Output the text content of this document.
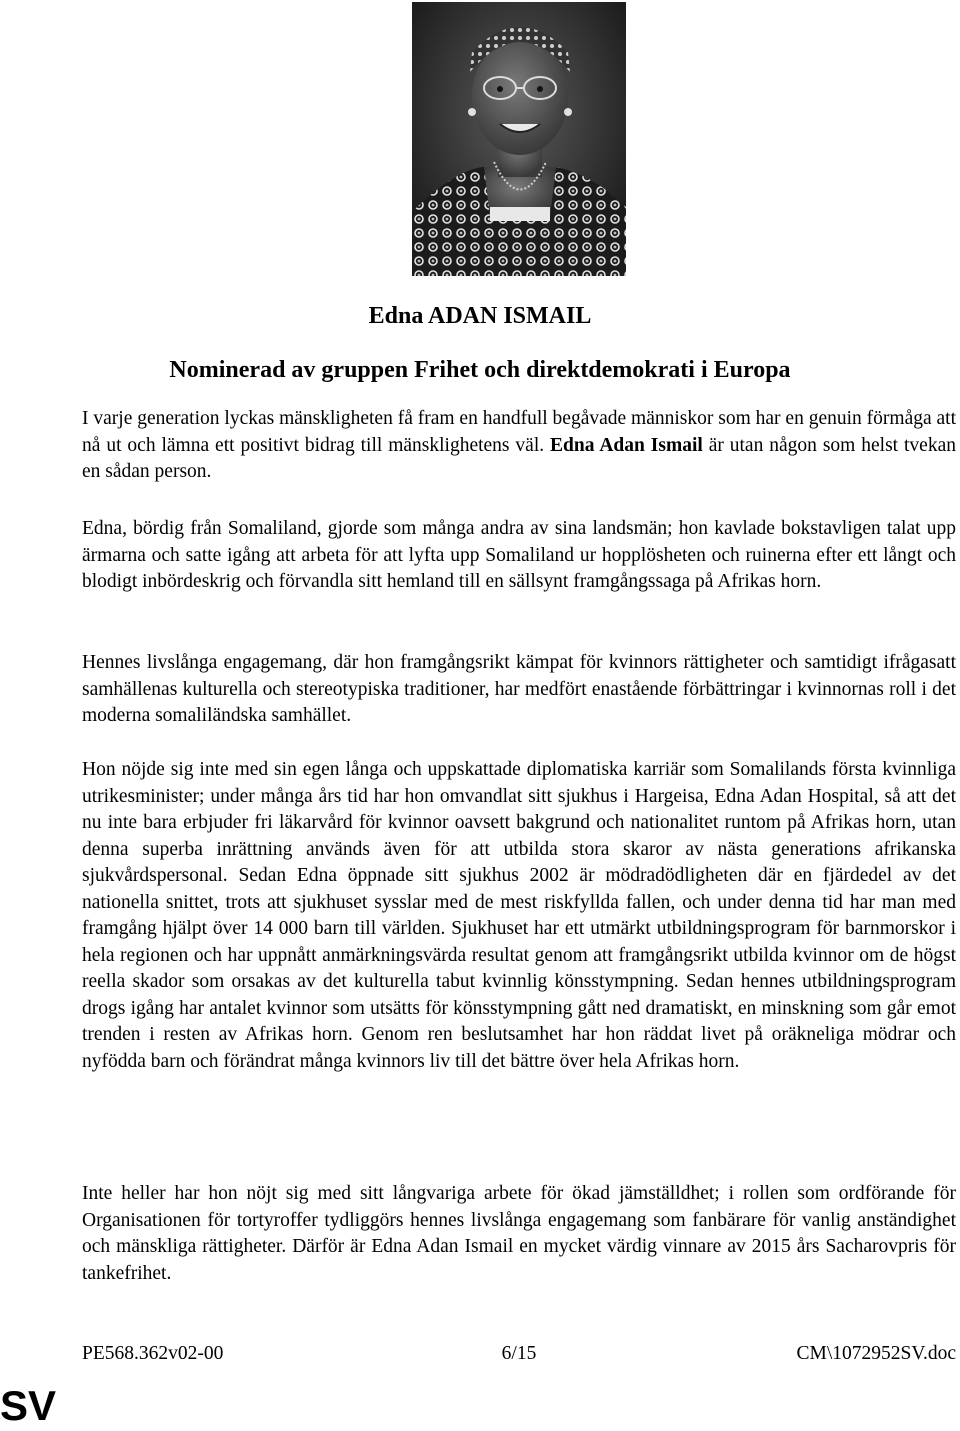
Edna ADAN ISMAIL
Nominerad av gruppen Frihet och direktdemokrati i Europa

I varje generation lyckas mänskligheten få fram en handfull begåvade människor som har en genuin förmåga att nå ut och lämna ett positivt bidrag till mänsklighetens väl. Edna Adan Ismail är utan någon som helst tvekan en sådan person.

Edna, bördig från Somaliland, gjorde som många andra av sina landsmän; hon kavlade bokstavligen talat upp ärmarna och satte igång att arbeta för att lyfta upp Somaliland ur hopplösheten och ruinerna efter ett långt och blodigt inbördeskrig och förvandla sitt hemland till en sällsynt framgångssaga på Afrikas horn.

Hennes livslånga engagemang, där hon framgångsrikt kämpat för kvinnors rättigheter och samtidigt ifrågasatt samhällenas kulturella och stereotypiska traditioner, har medfört enastående förbättringar i kvinnornas roll i det moderna somaliländska samhället.

Hon nöjde sig inte med sin egen långa och uppskattade diplomatiska karriär som Somalilands första kvinnliga utrikesminister; under många års tid har hon omvandlat sitt sjukhus i Hargeisa, Edna Adan Hospital, så att det nu inte bara erbjuder fri läkarvård för kvinnor oavsett bakgrund och nationalitet runtom på Afrikas horn, utan denna superba inrättning används även för att utbilda stora skaror av nästa generations afrikanska sjukvårdspersonal. Sedan Edna öppnade sitt sjukhus 2002 är mödradödligheten där en fjärdedel av det nationella snittet, trots att sjukhuset sysslar med de mest riskfyllda fallen, och under denna tid har man med framgång hjälpt över 14 000 barn till världen. Sjukhuset har ett utmärkt utbildningsprogram för barnmorskor i hela regionen och har uppnått anmärkningsvärda resultat genom att framgångsrikt utbilda kvinnor om de högst reella skador som orsakas av det kulturella tabut kvinnlig könsstympning. Sedan hennes utbildningsprogram drogs igång har antalet kvinnor som utsätts för könsstympning gått ned dramatiskt, en minskning som går emot trenden i resten av Afrikas horn. Genom ren beslutsamhet har hon räddat livet på oräkneliga mödrar och nyfödda barn och förändrat många kvinnors liv till det bättre över hela Afrikas horn.

Inte heller har hon nöjt sig med sitt långvariga arbete för ökad jämställdhet; i rollen som ordförande för Organisationen för tortyroffer tydliggörs hennes livslånga engagemang som fanbärare för vanlig anständighet och mänskliga rättigheter. Därför är Edna Adan Ismail en mycket värdig vinnare av 2015 års Sacharovpris för tankefrihet.

PE568.362v02-00	6/15	CM\1072952SV.doc
SV
